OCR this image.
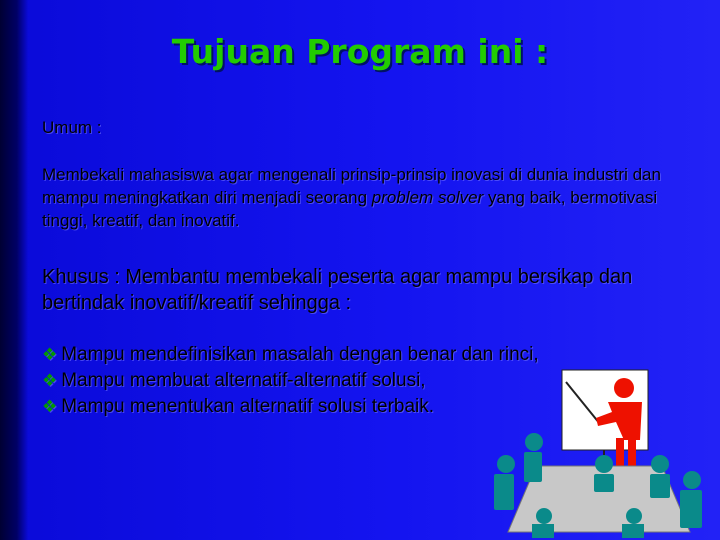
Tujuan Program ini :
Umum :
Membekali mahasiswa agar mengenali prinsip-prinsip inovasi di dunia industri dan mampu meningkatkan diri menjadi seorang problem solver yang baik, bermotivasi tinggi, kreatif, dan inovatif.
Khusus : Membantu membekali peserta agar mampu bersikap dan bertindak inovatif/kreatif sehingga :
❖ Mampu mendefinisikan masalah dengan benar dan rinci,
❖ Mampu membuat alternatif-alternatif solusi,
❖ Mampu menentukan alternatif solusi terbaik.
